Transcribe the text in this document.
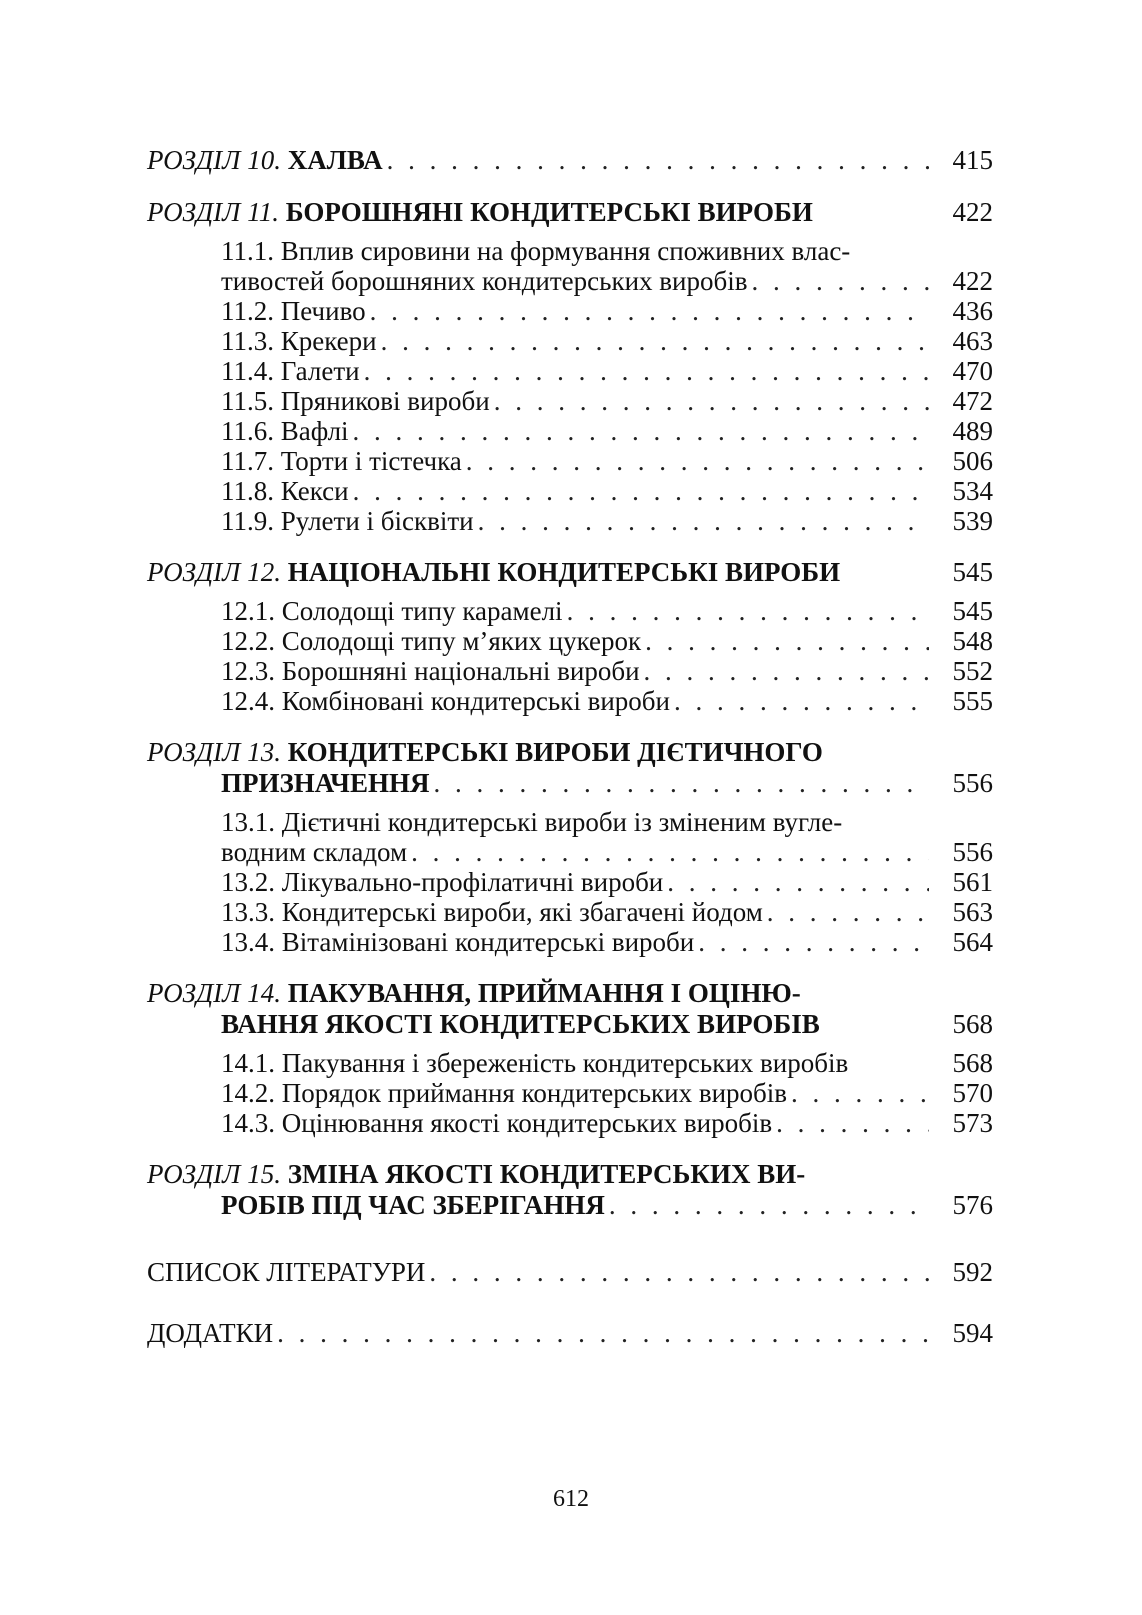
РОЗДІЛ 10. ХАЛВА . . .	415
РОЗДІЛ 11. БОРОШНЯНІ КОНДИТЕРСЬКІ ВИРОБИ	422
11.1. Вплив сировини на формування споживних влас-
тивостей борошняних кондитерських виробів . . .	422
11.2. Печиво . . .	436
11.3. Крекери . . .	463
11.4. Галети . . .	470
11.5. Пряникові вироби . . .	472
11.6. Вафлі . . .	489
11.7. Торти і тістечка . . .	506
11.8. Кекси . . .	534
11.9. Рулети і бісквіти . . .	539
РОЗДІЛ 12. НАЦІОНАЛЬНІ КОНДИТЕРСЬКІ ВИРОБИ	545
12.1. Солодощі типу карамелі . . .	545
12.2. Солодощі типу м’яких цукерок . . .	548
12.3. Борошняні національні вироби . . .	552
12.4. Комбіновані кондитерські вироби . . .	555
РОЗДІЛ 13. КОНДИТЕРСЬКІ ВИРОБИ ДІЄТИЧНОГО
ПРИЗНАЧЕННЯ . . .	556
13.1. Дієтичні кондитерські вироби із зміненим вугле-
водним складом . . .	556
13.2. Лікувально-профілатичні вироби . . .	561
13.3. Кондитерські вироби, які збагачені йодом . . .	563
13.4. Вітамінізовані кондитерські вироби . . .	564
РОЗДІЛ 14. ПАКУВАННЯ, ПРИЙМАННЯ І ОЦІНЮ-
ВАННЯ ЯКОСТІ КОНДИТЕРСЬКИХ ВИРОБІВ	568
14.1. Пакування і збереженість кондитерських виробів	568
14.2. Порядок приймання кондитерських виробів . . .	570
14.3. Оцінювання якості кондитерських виробів . . .	573
РОЗДІЛ 15. ЗМІНА ЯКОСТІ КОНДИТЕРСЬКИХ ВИ-
РОБІВ ПІД ЧАС ЗБЕРІГАННЯ . . .	576
СПИСОК ЛІТЕРАТУРИ . . .	592
ДОДАТКИ . . .	594
612
